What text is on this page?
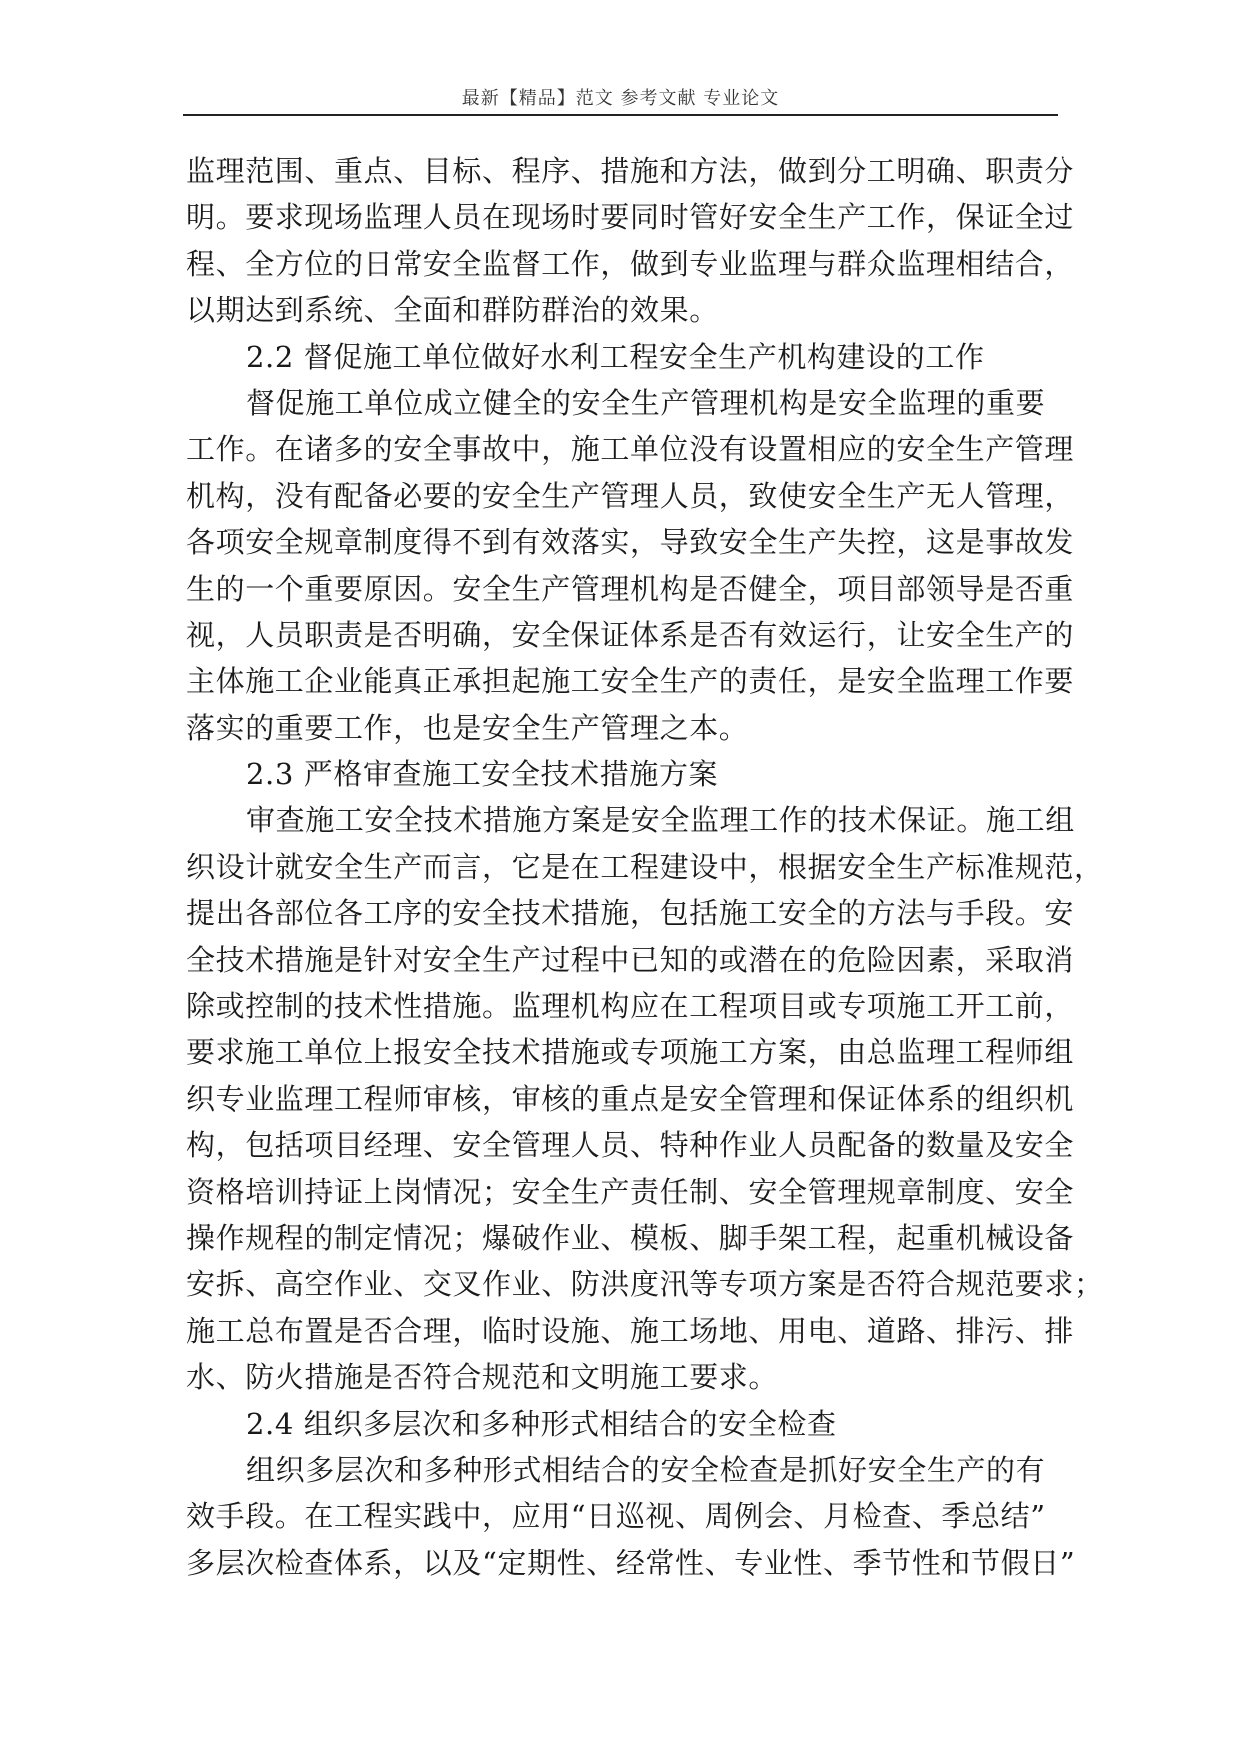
最新【精品】范文 参考文献 专业论文
监理范围、重点、目标、程序、措施和方法，做到分工明确、职责分
明。要求现场监理人员在现场时要同时管好安全生产工作，保证全过
程、全方位的日常安全监督工作，做到专业监理与群众监理相结合，
以期达到系统、全面和群防群治的效果。
2.2 督促施工单位做好水利工程安全生产机构建设的工作
督促施工单位成立健全的安全生产管理机构是安全监理的重要
工作。在诸多的安全事故中，施工单位没有设置相应的安全生产管理
机构，没有配备必要的安全生产管理人员，致使安全生产无人管理，
各项安全规章制度得不到有效落实，导致安全生产失控，这是事故发
生的一个重要原因。安全生产管理机构是否健全，项目部领导是否重
视，人员职责是否明确，安全保证体系是否有效运行，让安全生产的
主体施工企业能真正承担起施工安全生产的责任，是安全监理工作要
落实的重要工作，也是安全生产管理之本。
2.3 严格审查施工安全技术措施方案
审查施工安全技术措施方案是安全监理工作的技术保证。施工组
织设计就安全生产而言，它是在工程建设中，根据安全生产标准规范，
提出各部位各工序的安全技术措施，包括施工安全的方法与手段。安
全技术措施是针对安全生产过程中已知的或潜在的危险因素，采取消
除或控制的技术性措施。监理机构应在工程项目或专项施工开工前，
要求施工单位上报安全技术措施或专项施工方案，由总监理工程师组
织专业监理工程师审核，审核的重点是安全管理和保证体系的组织机
构，包括项目经理、安全管理人员、特种作业人员配备的数量及安全
资格培训持证上岗情况；安全生产责任制、安全管理规章制度、安全
操作规程的制定情况；爆破作业、模板、脚手架工程，起重机械设备
安拆、高空作业、交叉作业、防洪度汛等专项方案是否符合规范要求；
施工总布置是否合理，临时设施、施工场地、用电、道路、排污、排
水、防火措施是否符合规范和文明施工要求。
2.4 组织多层次和多种形式相结合的安全检查
组织多层次和多种形式相结合的安全检查是抓好安全生产的有
效手段。在工程实践中，应用“日巡视、周例会、月检查、季总结”
多层次检查体系，以及“定期性、经常性、专业性、季节性和节假日”
